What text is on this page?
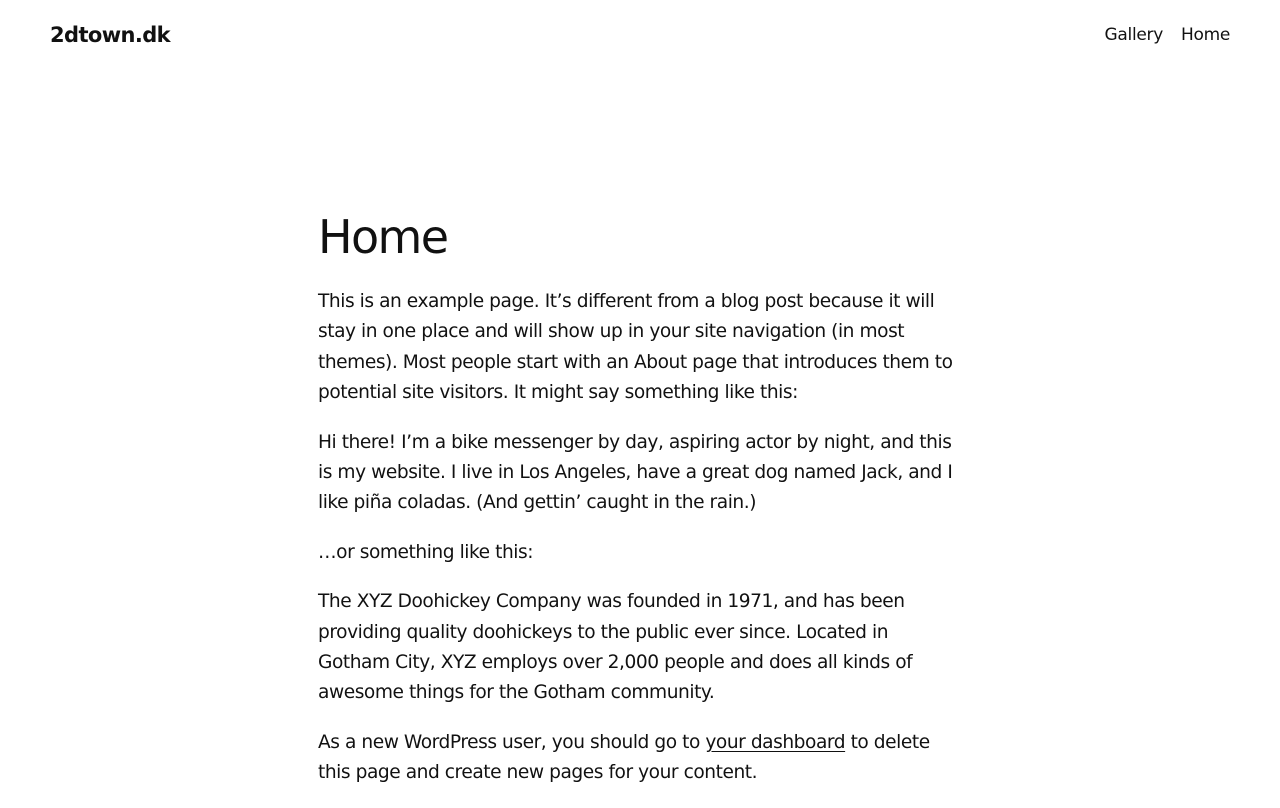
2dtown.dk	Gallery Home
Home

This is an example page. It’s different from a blog post because it will stay in one place and will show up in your site navigation (in most themes). Most people start with an About page that introduces them to potential site visitors. It might say something like this:

Hi there! I’m a bike messenger by day, aspiring actor by night, and this is my website. I live in Los Angeles, have a great dog named Jack, and I like piña coladas. (And gettin’ caught in the rain.)

…or something like this:

The XYZ Doohickey Company was founded in 1971, and has been providing quality doohickeys to the public ever since. Located in Gotham City, XYZ employs over 2,000 people and does all kinds of awesome things for the Gotham community.

As a new WordPress user, you should go to your dashboard to delete this page and create new pages for your content.
